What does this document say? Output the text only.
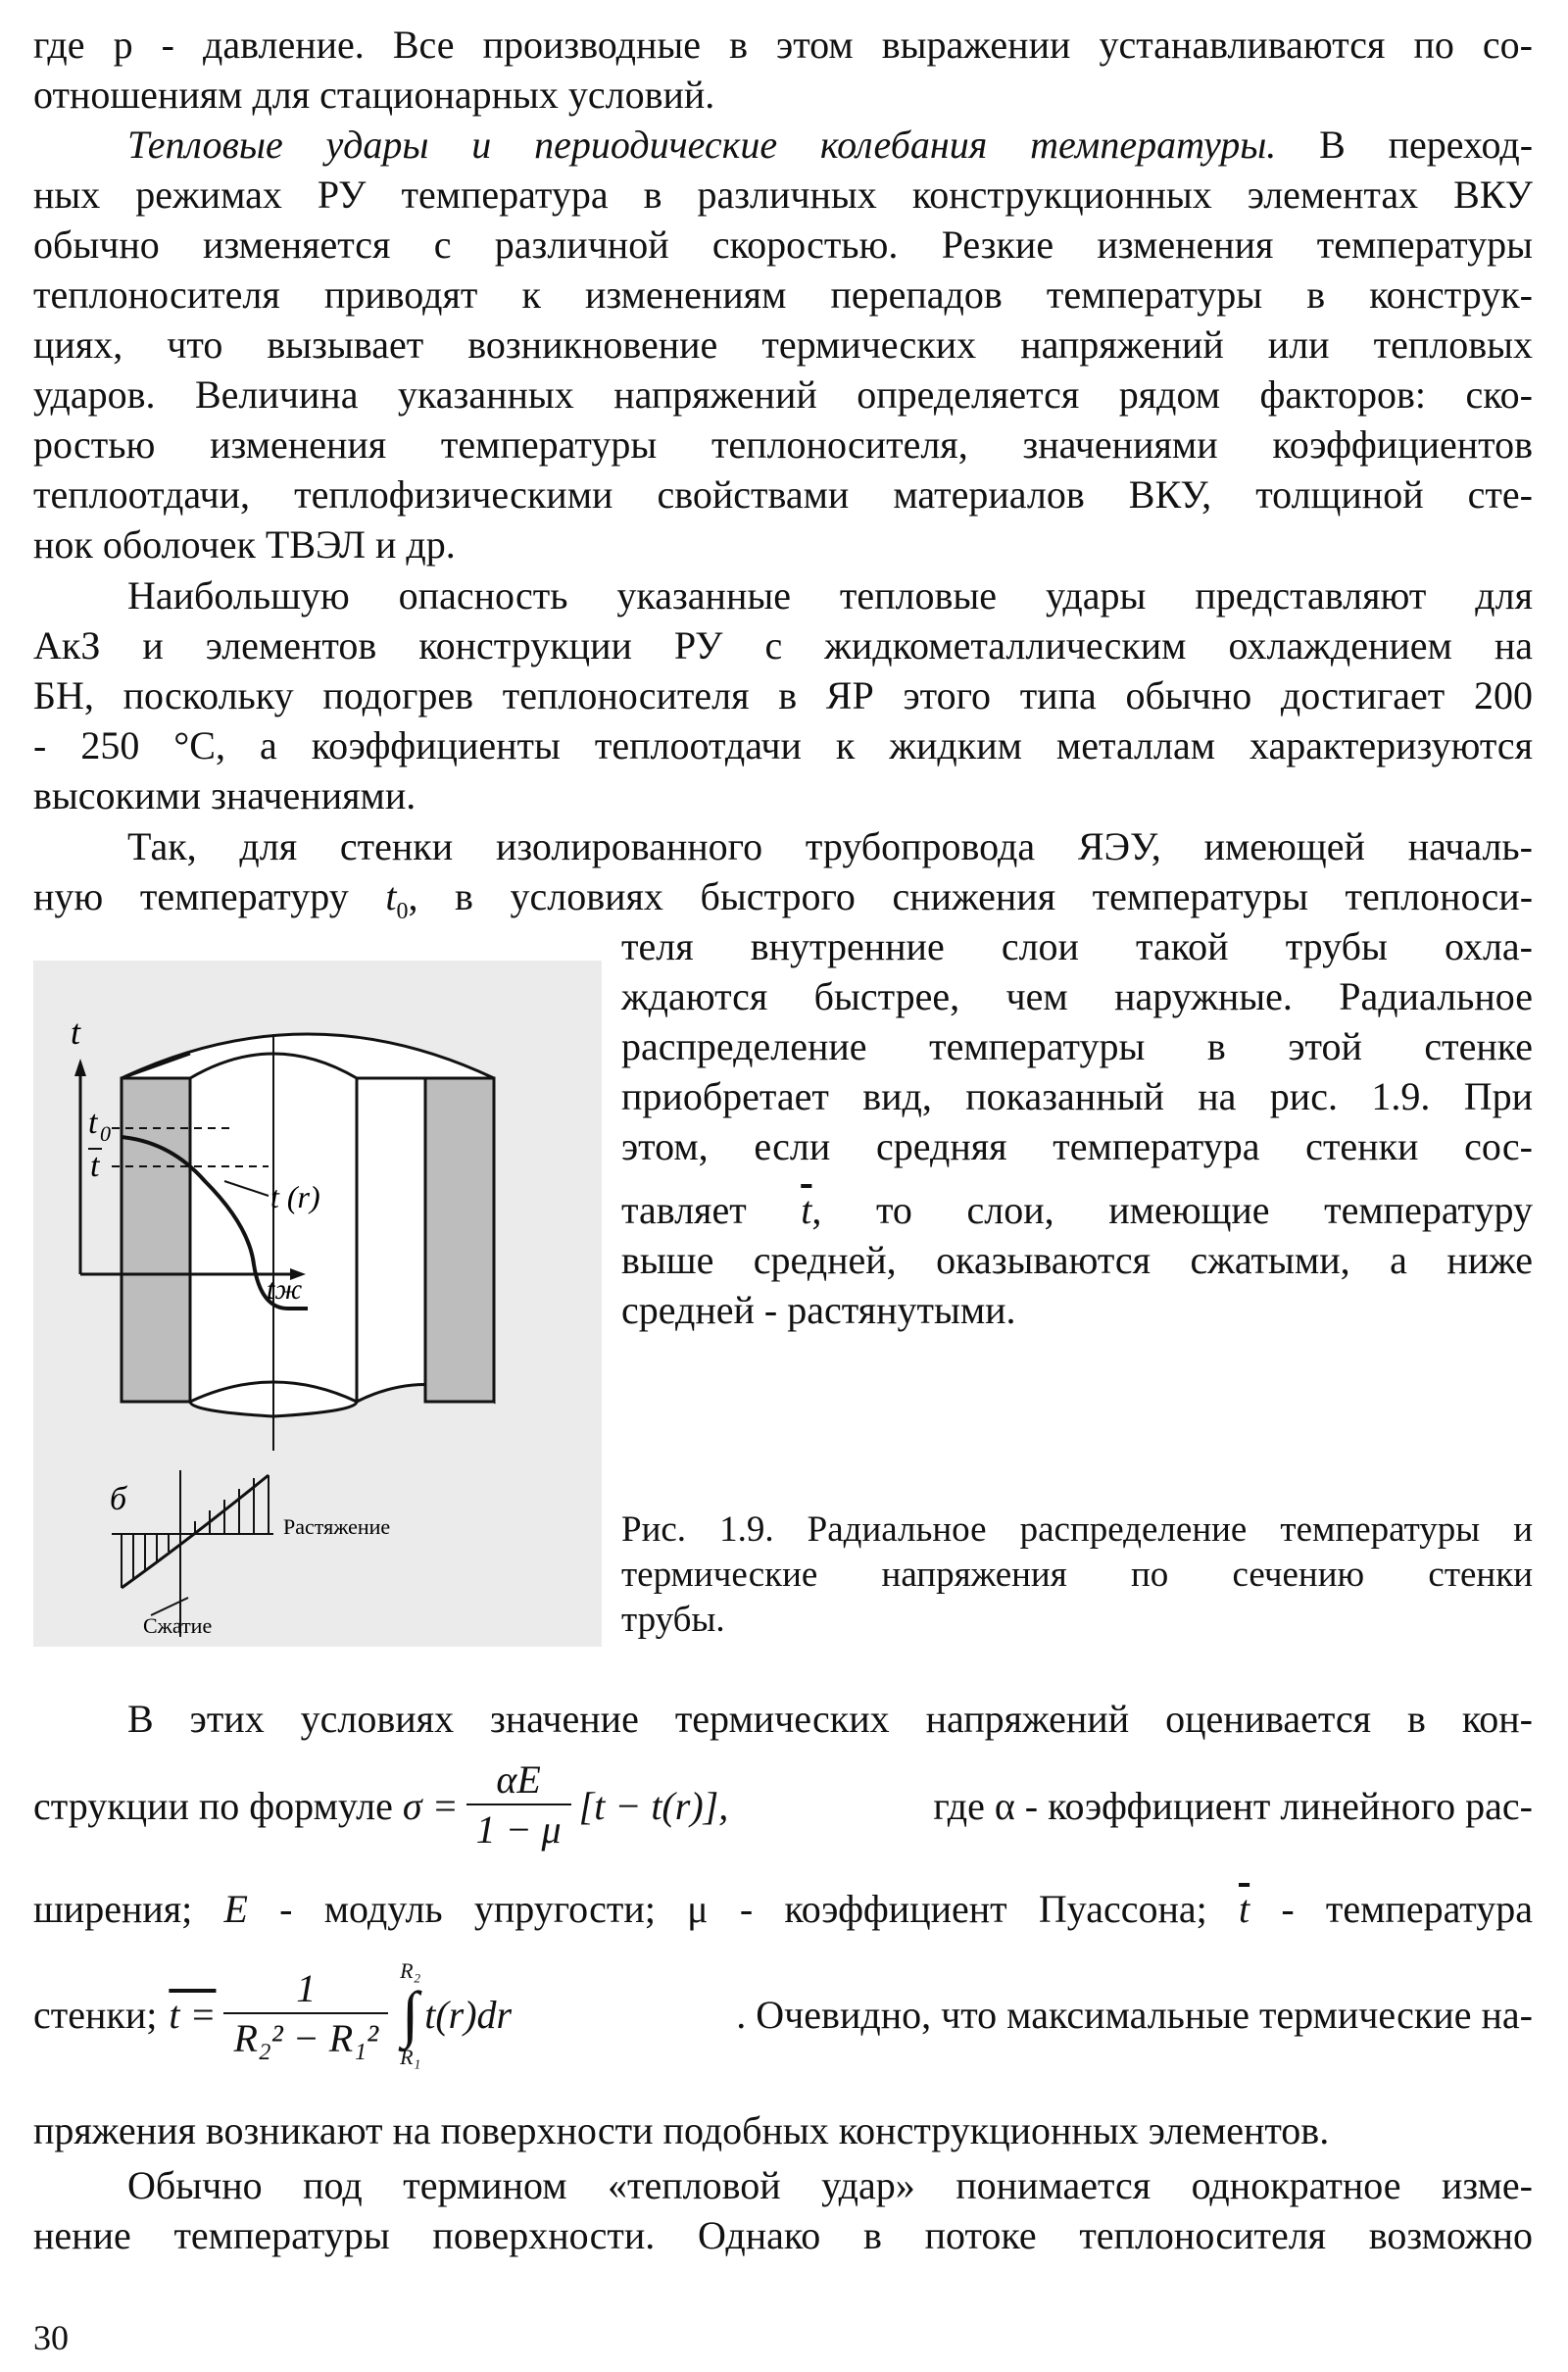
где p - давление. Все производные в этом выражении устанавливаются по со-
отношениям для стационарных условий.
Тепловые удары и периодические колебания температуры. В переход-
ных режимах РУ температура в различных конструкционных элементах ВКУ
обычно изменяется с различной скоростью. Резкие изменения температуры
теплоносителя приводят к изменениям перепадов температуры в конструк-
циях, что вызывает возникновение термических напряжений или тепловых
ударов. Величина указанных напряжений определяется рядом факторов: ско-
ростью изменения температуры теплоносителя, значениями коэффициентов
теплоотдачи, теплофизическими свойствами материалов ВКУ, толщиной сте-
нок оболочек ТВЭЛ и др.
Наибольшую опасность указанные тепловые удары представляют для
АкЗ и элементов конструкции РУ с жидкометаллическим охлаждением на
БН, поскольку подогрев теплоносителя в ЯР этого типа обычно достигает 200
- 250 °C, а коэффициенты теплоотдачи к жидким металлам характеризуются
высокими значениями.
Так, для стенки изолированного трубопровода ЯЭУ, имеющей началь-
ную температуру $t_0$, в условиях быстрого снижения температуры теплоноси-
теля внутренние слои такой трубы охла-
ждаются быстрее, чем наружные. Радиальное
распределение температуры в этой стенке
приобретает вид, показанный на рис. 1.9. При
этом, если средняя температура стенки сос-
тавляет $\overline{t}$, то слои, имеющие температуру
выше средней, оказываются сжатыми, а ниже
средней - растянутыми.
t
t 0
t
t (r)
tж
б
Растяжение
Сжатие
Рис. 1.9. Радиальное распределение температуры и
термические напряжения по сечению стенки
трубы.
В этих условиях значение термических напряжений оценивается в кон-
струкции по формуле $\sigma = \frac{\alpha E}{1 - \mu} [t - t(r)]$,	где α - коэффициент линейного рас-
ширения; E - модуль упругости; μ - коэффициент Пуассона; $\overline{t}$ - температура
стенки; $t = \frac{1}{\text{R₂² − R₁²}} R_2$
∫
R₁
t(r)dr	. Очевидно, что максимальные термические на-
пряжения возникают на поверхности подобных конструкционных элементов.
Обычно под термином «тепловой удар» понимается однократное изме-
нение температуры поверхности. Однако в потоке теплоносителя возможно
30
